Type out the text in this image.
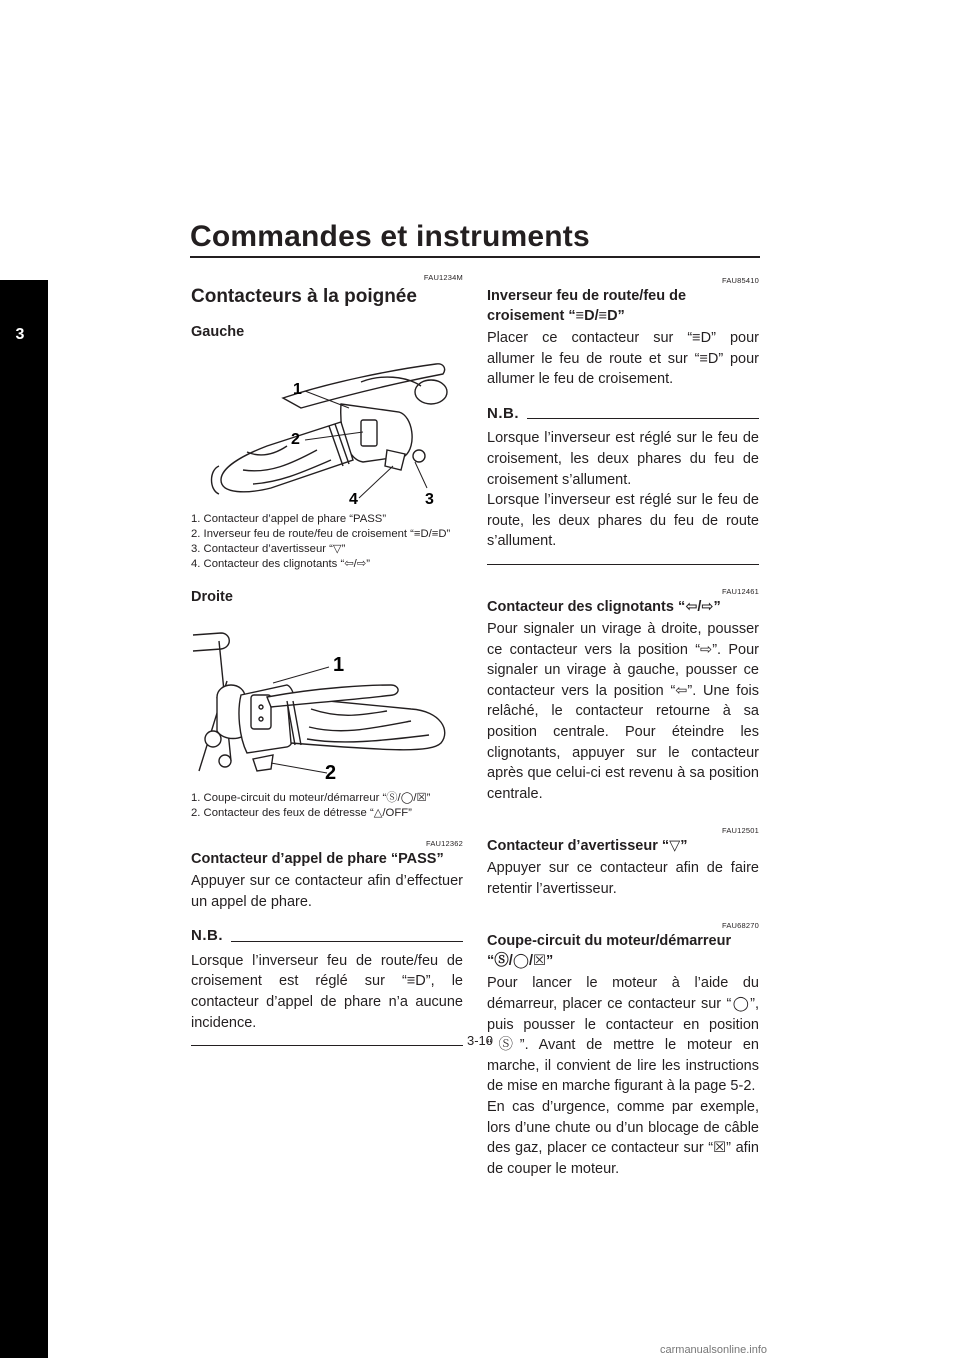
Commandes et instruments
3
FAU1234M
Contacteurs à la poignée
Gauche
1
2
3
4
1. Contacteur d’appel de phare “PASS”
2. Inverseur feu de route/feu de croisement “≡D/≡D”
3. Contacteur d’avertisseur “▽”
4. Contacteur des clignotants “⇦/⇨”
Droite
1
2
1. Coupe-circuit du moteur/démarreur “Ⓢ/◯/☒”
2. Contacteur des feux de détresse “△/OFF”
FAU12362
Contacteur d’appel de phare “PASS”
Appuyer sur ce contacteur afin d’effectuer un appel de phare.
N.B.
Lorsque l’inverseur feu de route/feu de croisement est réglé sur “≡D”, le contacteur d’appel de phare n’a aucune incidence.
FAU85410
Inverseur feu de route/feu de croisement “≡D/≡D”
Placer ce contacteur sur “≡D” pour allumer le feu de route et sur “≡D” pour allumer le feu de croisement.
N.B.
Lorsque l’inverseur est réglé sur le feu de croisement, les deux phares du feu de croisement s’allument.
Lorsque l’inverseur est réglé sur le feu de route, les deux phares du feu de route s’allument.
FAU12461
Contacteur des clignotants “⇦/⇨”
Pour signaler un virage à droite, pousser ce contacteur vers la position “⇨”. Pour signaler un virage à gauche, pousser ce contacteur vers la position “⇦”. Une fois relâché, le contacteur retourne à sa position centrale. Pour éteindre les clignotants, appuyer sur le contacteur après que celui-ci est revenu à sa position centrale.
FAU12501
Contacteur d’avertisseur “▽”
Appuyer sur ce contacteur afin de faire retentir l’avertisseur.
FAU68270
Coupe-circuit du moteur/démarreur “Ⓢ/◯/☒”
Pour lancer le moteur à l’aide du démarreur, placer ce contacteur sur “◯”, puis pousser le contacteur en position “Ⓢ”. Avant de mettre le moteur en marche, il convient de lire les instructions de mise en marche figurant à la page 5-2.
En cas d’urgence, comme par exemple, lors d’une chute ou d’un blocage de câble des gaz, placer ce contacteur sur “☒” afin de couper le moteur.
3-10
carmanualsonline.info
